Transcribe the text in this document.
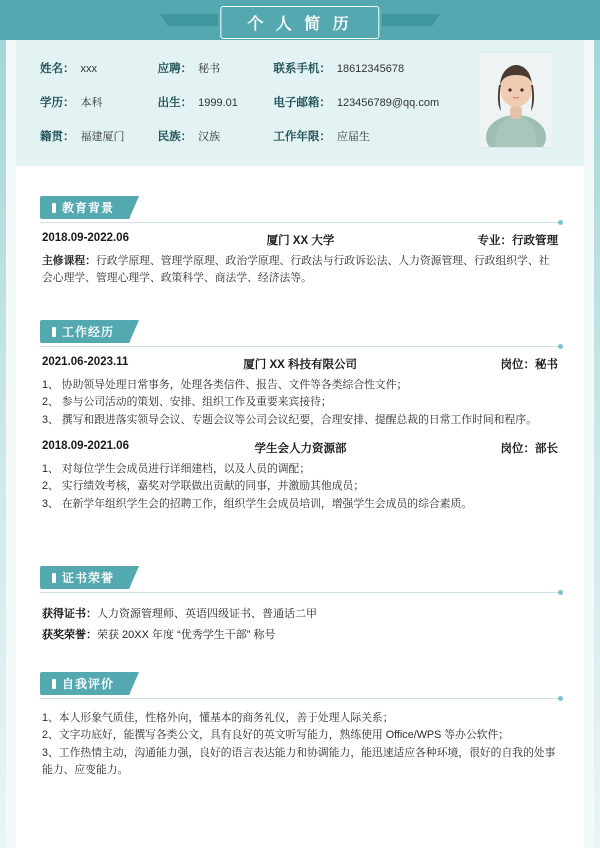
个 人 简 历
姓名： xxx	应聘： 秘书	联系手机： 18612345678
学历： 本科	出生： 1999.01	电子邮箱： 123456789@qq.com
籍贯： 福建厦门	民族： 汉族	工作年限： 应届生
教育背景
2018.09-2022.06	厦门 XX 大学	专业：行政管理
主修课程：行政学原理、管理学原理、政治学原理、行政法与行政诉讼法、人力资源管理、行政组织学、社会心理学、管理心理学、政策科学、商法学、经济法等。
工作经历
2021.06-2023.11	厦门 XX 科技有限公司	岗位：秘书
1、 协助领导处理日常事务，处理各类信件、报告、文件等各类综合性文件；
2、 参与公司活动的策划、安排、组织工作及重要来宾接待；
3、 撰写和跟进落实领导会议、专题会议等公司会议纪要，合理安排、提醒总裁的日常工作时间和程序。
2018.09-2021.06	学生会人力资源部	岗位：部长
1、 对每位学生会成员进行详细建档，以及人员的调配；
2、 实行绩效考核，嘉奖对学联做出贡献的同事，并激励其他成员；
3、 在新学年组织学生会的招聘工作，组织学生会成员培训，增强学生会成员的综合素质。
证书荣誉
获得证书：人力资源管理师、英语四级证书、普通话二甲
获奖荣誉：荣获 20XX 年度 “优秀学生干部” 称号
自我评价
1、本人形象气质佳，性格外向，懂基本的商务礼仪，善于处理人际关系；
2、文字功底好，能撰写各类公文，具有良好的英文听写能力，熟练使用 Office/WPS 等办公软件；
3、工作热情主动，沟通能力强，良好的语言表达能力和协调能力，能迅速适应各种环境，很好的自我的处事能力、应变能力。
